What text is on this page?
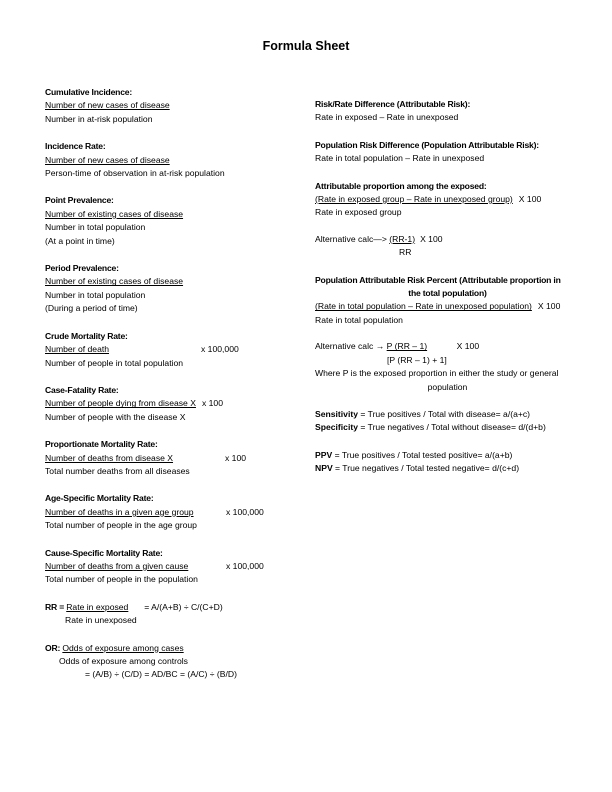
Formula Sheet
Cumulative Incidence:
Number of new cases of disease
Number in at-risk population
Incidence Rate:
Number of new cases of disease
Person-time of observation in at-risk population
Point Prevalence:
Number of existing cases of disease
Number in total population
(At a point in time)
Period Prevalence:
Number of existing cases of disease
Number in total population
(During a period of time)
Crude Mortality Rate:
Number of death	x 100,000
Number of people in total population
Case-Fatality Rate:
Number of people dying from disease X x 100
Number of people with the disease X
Proportionate Mortality Rate:
Number of deaths from disease X	x 100
Total number deaths from all diseases
Age-Specific Mortality Rate:
Number of deaths in a given age group	x 100,000
Total number of people in the age group
Cause-Specific Mortality Rate:
Number of deaths from a given cause	x 100,000
Total number of people in the population
RR = Rate in exposed = A/(A+B) ÷ C/(C+D)
Rate in unexposed
OR: Odds of exposure among cases
Odds of exposure among controls
= (A/B) ÷ (C/D) = AD/BC = (A/C) ÷ (B/D)
Risk/Rate Difference (Attributable Risk):
Rate in exposed – Rate in unexposed
Population Risk Difference (Population Attributable Risk):
Rate in total population – Rate in unexposed
Attributable proportion among the exposed:
(Rate in exposed group – Rate in unexposed group) X 100
Rate in exposed group
Alternative calc—> (RR-1) X 100
RR
Population Attributable Risk Percent (Attributable proportion in
the total population)
(Rate in total population – Rate in unexposed population) X 100
Rate in total population
Alternative calc → P (RR – 1)	X 100
[P (RR – 1) + 1]
Where P is the exposed proportion in either the study or general
population
Sensitivity = True positives / Total with disease= a/(a+c)
Specificity = True negatives / Total without disease= d/(d+b)
PPV = True positives / Total tested positive= a/(a+b)
NPV = True negatives / Total tested negative= d/(c+d)
